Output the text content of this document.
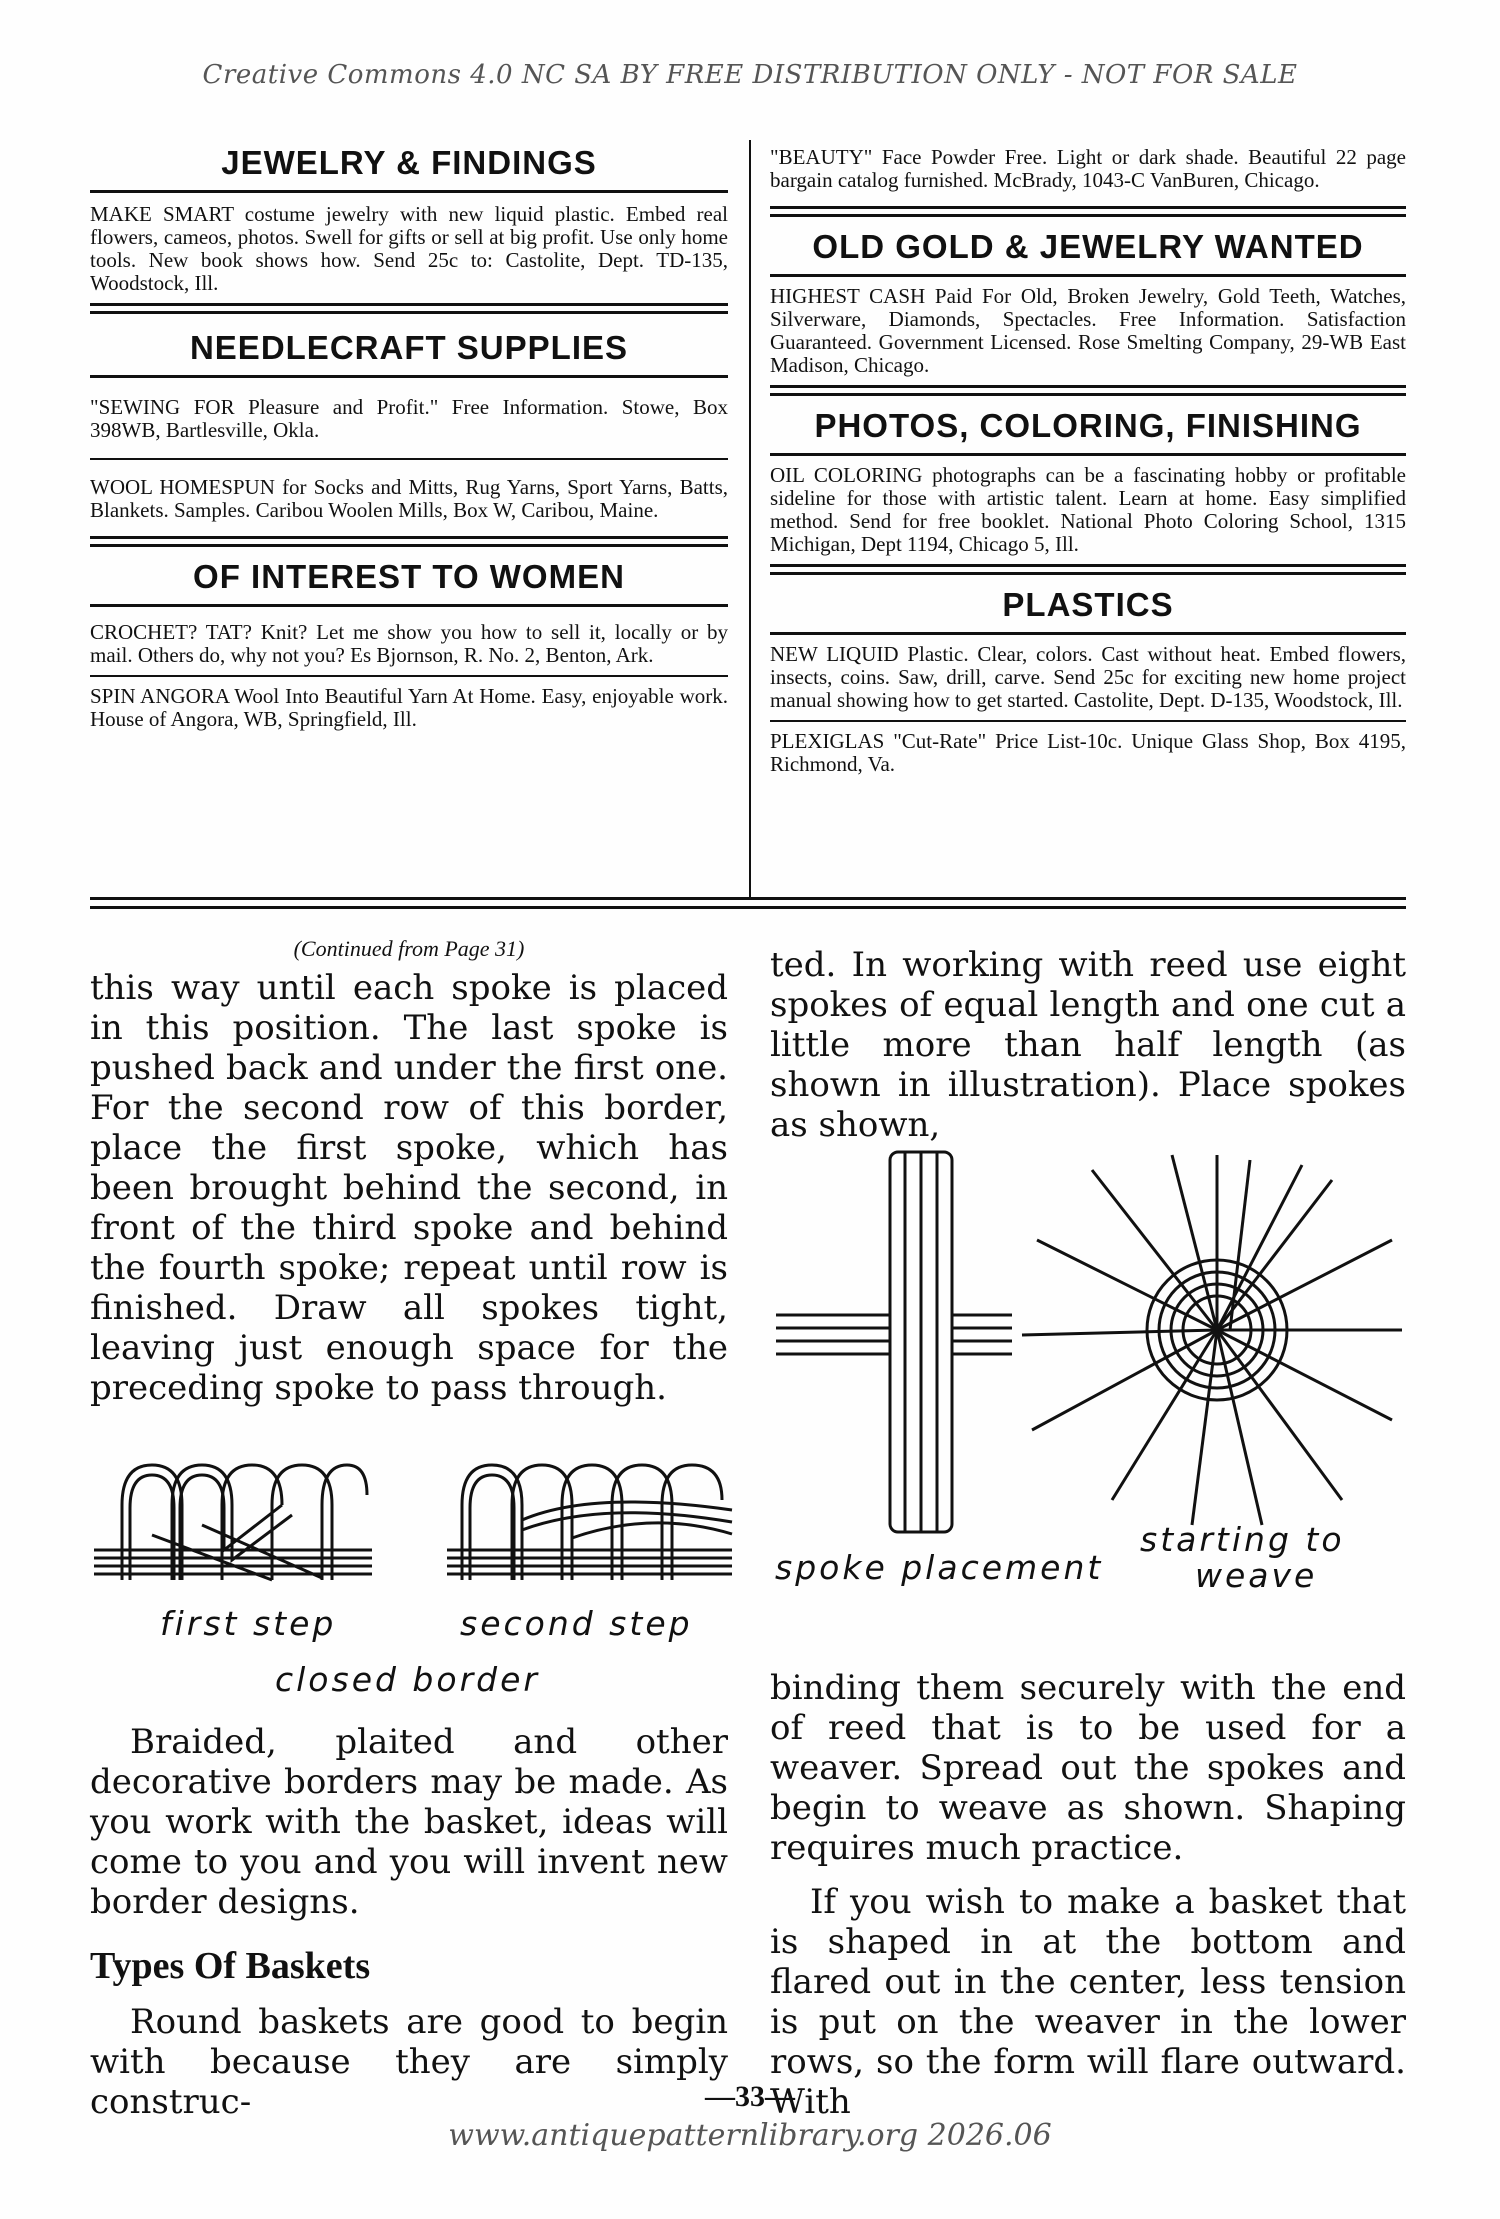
Creative Commons 4.0 NC SA BY FREE DISTRIBUTION ONLY - NOT FOR SALE
JEWELRY & FINDINGS

MAKE SMART costume jewelry with new liquid plastic. Embed real flowers, cameos, photos. Swell for gifts or sell at big profit. Use only home tools. New book shows how. Send 25c to: Castolite, Dept. TD-135, Woodstock, Ill.

NEEDLECRAFT SUPPLIES

"SEWING FOR Pleasure and Profit." Free Information. Stowe, Box 398WB, Bartlesville, Okla.

WOOL HOMESPUN for Socks and Mitts, Rug Yarns, Sport Yarns, Batts, Blankets. Samples. Caribou Woolen Mills, Box W, Caribou, Maine.

OF INTEREST TO WOMEN

CROCHET? TAT? Knit? Let me show you how to sell it, locally or by mail. Others do, why not you? Es Bjornson, R. No. 2, Benton, Ark.

SPIN ANGORA Wool Into Beautiful Yarn At Home. Easy, enjoyable work. House of Angora, WB, Springfield, Ill.

"BEAUTY" Face Powder Free. Light or dark shade. Beautiful 22 page bargain catalog furnished. McBrady, 1043-C VanBuren, Chicago.

OLD GOLD & JEWELRY WANTED

HIGHEST CASH Paid For Old, Broken Jewelry, Gold Teeth, Watches, Silverware, Diamonds, Spectacles. Free Information. Satisfaction Guaranteed. Government Licensed. Rose Smelting Company, 29-WB East Madison, Chicago.

PHOTOS, COLORING, FINISHING

OIL COLORING photographs can be a fascinating hobby or profitable sideline for those with artistic talent. Learn at home. Easy simplified method. Send for free booklet. National Photo Coloring School, 1315 Michigan, Dept 1194, Chicago 5, Ill.

PLASTICS

NEW LIQUID Plastic. Clear, colors. Cast without heat. Embed flowers, insects, coins. Saw, drill, carve. Send 25c for exciting new home project manual showing how to get started. Castolite, Dept. D-135, Woodstock, Ill.

PLEXIGLAS "Cut-Rate" Price List-10c. Unique Glass Shop, Box 4195, Richmond, Va.

(Continued from Page 31)

this way until each spoke is placed in this position. The last spoke is pushed back and under the first one. For the second row of this border, place the first spoke, which has been brought behind the second, in front of the third spoke and behind the fourth spoke; repeat until row is finished. Draw all spokes tight, leaving just enough space for the preceding spoke to pass through.

first step	second step
closed border

Braided, plaited and other decorative borders may be made. As you work with the basket, ideas will come to you and you will invent new border designs.

Types Of Baskets

Round baskets are good to begin with because they are simply construc-

ted. In working with reed use eight spokes of equal length and one cut a little more than half length (as shown in illustration). Place spokes as shown,

spoke placement
starting to
weave

binding them securely with the end of reed that is to be used for a weaver. Spread out the spokes and begin to weave as shown. Shaping requires much practice.

If you wish to make a basket that is shaped in at the bottom and flared out in the center, less tension is put on the weaver in the lower rows, so the form will flare outward. With

—33—
www.antiquepatternlibrary.org 2026.06
